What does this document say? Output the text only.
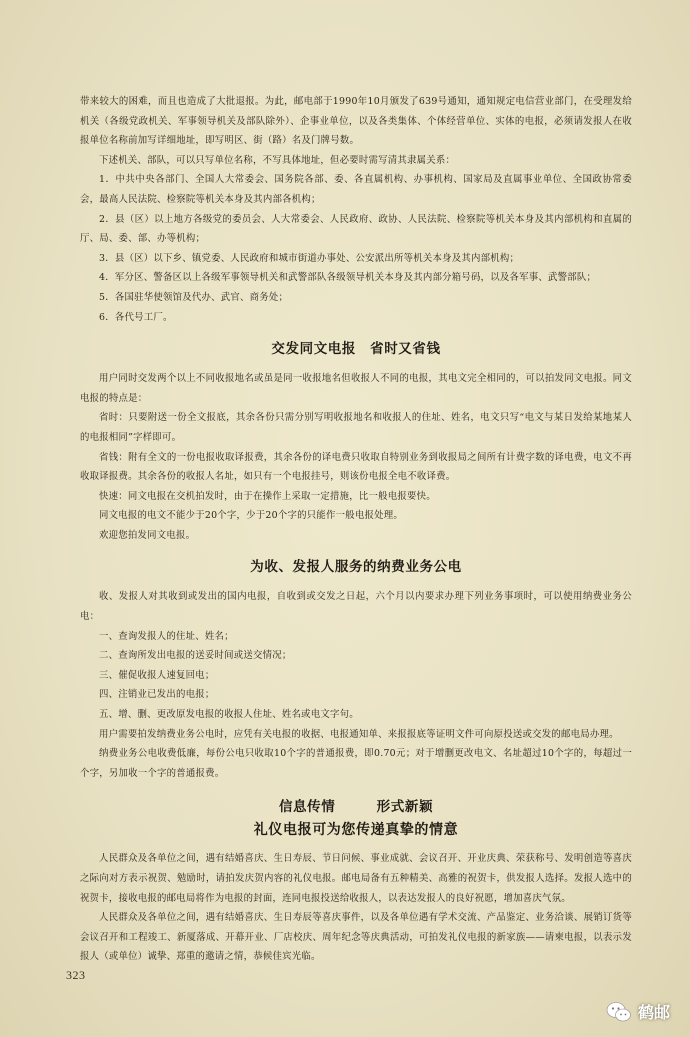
带来较大的困难，而且也造成了大批退报。为此，邮电部于1990年10月颁发了639号通知，通知规定电信营业部门，在受理发给机关（各级党政机关、军事领导机关及部队除外）、企事业单位，以及各类集体、个体经营单位、实体的电报，必须请发报人在收报单位名称前加写详细地址，即写明区、街（路）名及门牌号数。

下述机关、部队，可以只写单位名称，不写具体地址，但必要时需写清其隶属关系：

1．中共中央各部门、全国人大常委会、国务院各部、委、各直属机构、办事机构、国家局及直属事业单位、全国政协常委会，最高人民法院、检察院等机关本身及其内部各机构；

2．县（区）以上地方各级党的委员会、人大常委会、人民政府、政协、人民法院、检察院等机关本身及其内部机构和直属的厅、局、委、部、办等机构；

3．县（区）以下乡、镇党委、人民政府和城市街道办事处、公安派出所等机关本身及其内部机构；

4．军分区、警备区以上各级军事领导机关和武警部队各级领导机关本身及其内部分箱号码，以及各军事、武警部队；

5．各国驻华使领馆及代办、武官、商务处；

6．各代号工厂。

交发同文电报　省时又省钱

用户同时交发两个以上不同收报地名或虽是同一收报地名但收报人不同的电报，其电文完全相同的，可以拍发同文电报。同文电报的特点是：

省时：只要附送一份全文报底，其余各份只需分别写明收报地名和收报人的住址、姓名，电文只写“电文与某日发给某地某人的电报相同”字样即可。

省钱：附有全文的一份电报收取译报费，其余各份的译电费只收取自特别业务到收报局之间所有计费字数的译电费，电文不再收取译报费。其余各份的收报人名址，如只有一个电报挂号，则该份电报全电不收译费。

快速：同文电报在交机拍发时，由于在操作上采取一定措施，比一般电报要快。

同文电报的电文不能少于20个字，少于20个字的只能作一般电报处理。

欢迎您拍发同文电报。

为收、发报人服务的纳费业务公电

收、发报人对其收到或发出的国内电报，自收到或交发之日起，六个月以内要求办理下列业务事项时，可以使用纳费业务公电：

一、查询发报人的住址、姓名；

二、查询所发出电报的送妥时间或送交情况；

三、催促收报人速复回电；

四、注销业已发出的电报；

五、增、删、更改原发电报的收报人住址、姓名或电文字句。

用户需要拍发纳费业务公电时，应凭有关电报的收据、电报通知单、来报报底等证明文件可向原投送或交发的邮电局办理。

纳费业务公电收费低廉，每份公电只收取10个字的普通报费，即0.70元；对于增删更改电文、名址超过10个字的，每超过一个字，另加收一个字的普通报费。

信息传情	形式新颖
礼仪电报可为您传递真挚的情意

人民群众及各单位之间，遇有结婚喜庆、生日寿辰、节日问候、事业成就、会议召开、开业庆典、荣获称号、发明创造等喜庆之际向对方表示祝贺、勉励时，请拍发庆贺内容的礼仪电报。邮电局备有五种精美、高雅的祝贺卡，供发报人选择。发报人选中的祝贺卡，接收电报的邮电局将作为电报的封面，连同电报投送给收报人，以表达发报人的良好祝愿，增加喜庆气氛。

人民群众及各单位之间，遇有结婚喜庆、生日寿辰等喜庆事件，以及各单位遇有学术交流、产品鉴定、业务洽谈、展销订货等会议召开和工程竣工、新厦落成、开幕开业、厂店校庆、周年纪念等庆典活动，可拍发礼仪电报的新家族——请柬电报，以表示发报人（或单位）诚挚、郑重的邀请之情，恭候佳宾光临。

323
鹤邮
